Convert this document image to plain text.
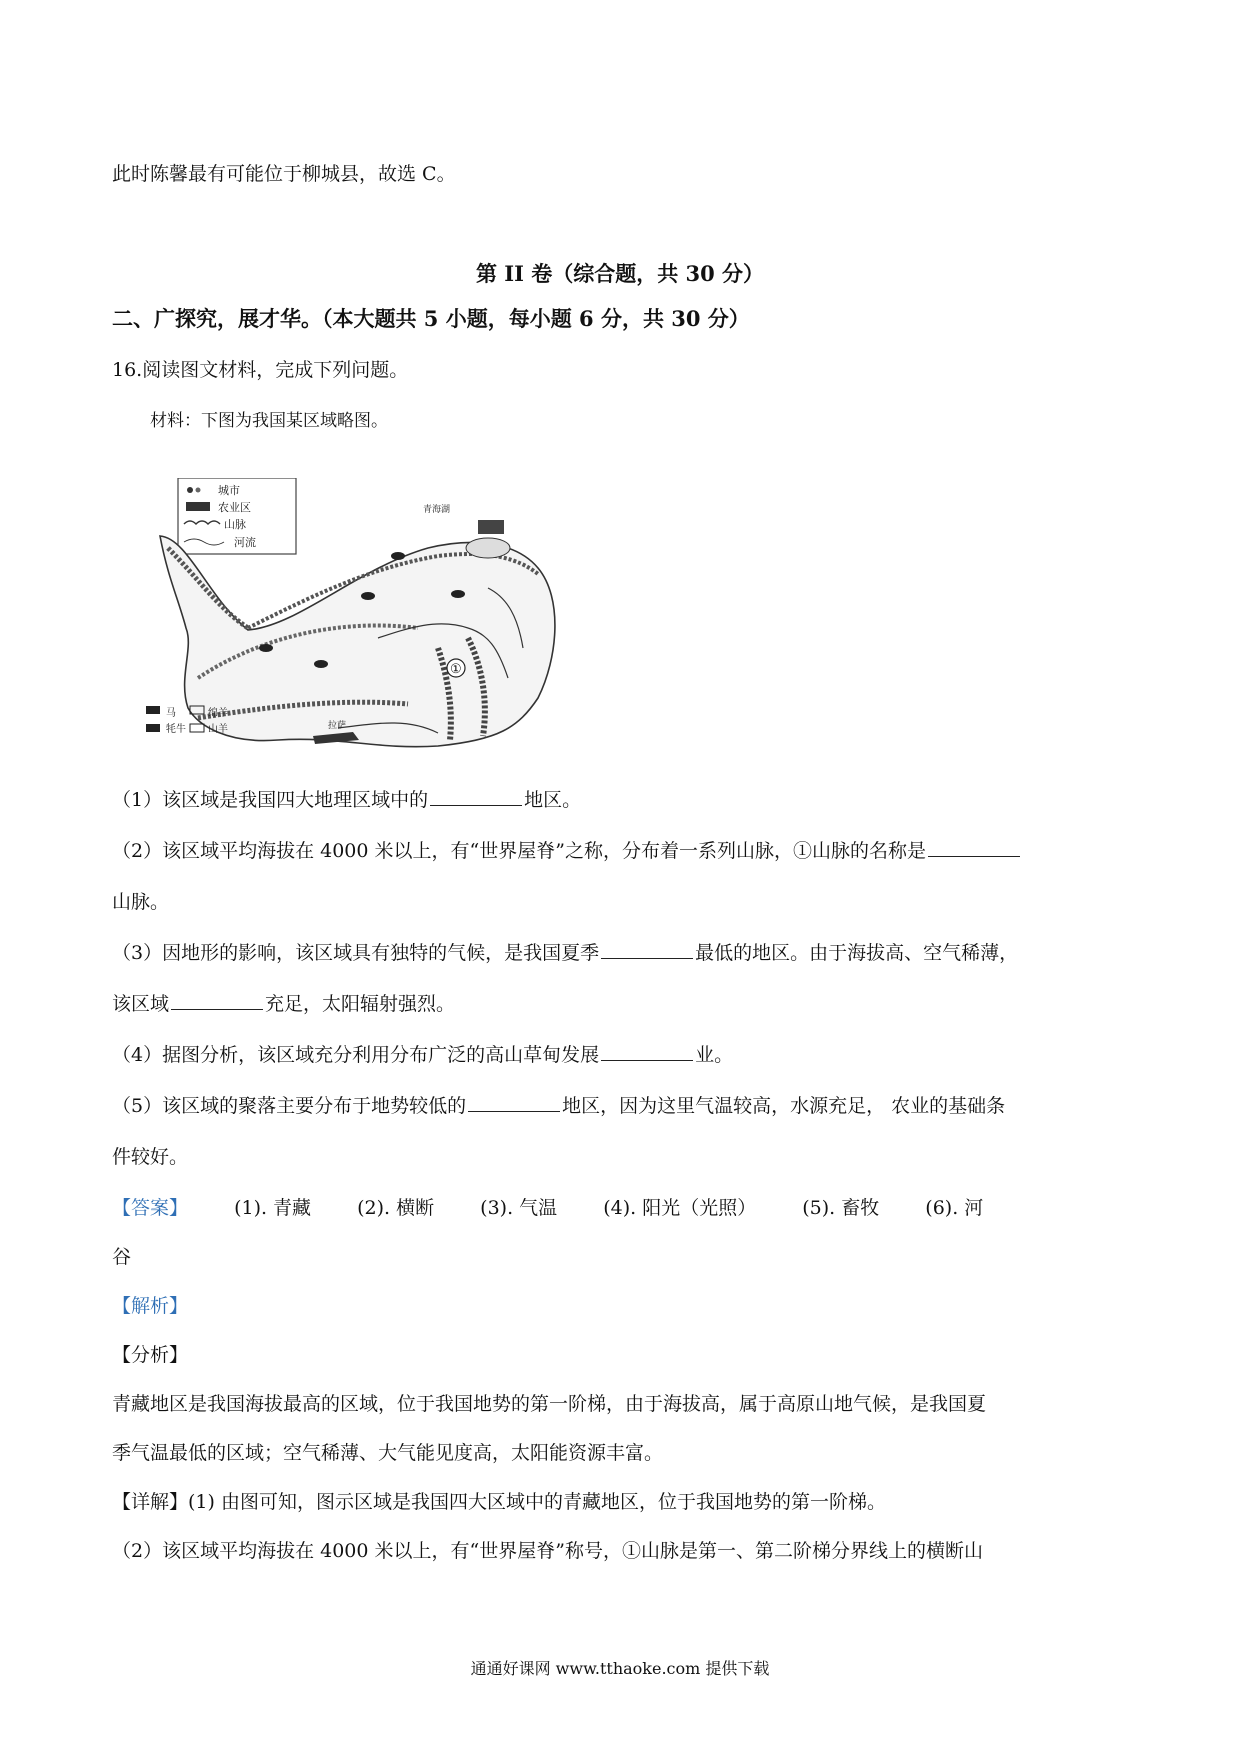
此时陈馨最有可能位于柳城县，故选 C。
第 II 卷（综合题，共 30 分）
二、广探究，展才华。（本大题共 5 小题，每小题 6 分，共 30 分）
16.阅读图文材料，完成下列问题。
材料：下图为我国某区域略图。
城市
农业区
山脉
河流
青海湖
拉萨
①
马	绵羊
牦牛 山羊
（1）该区域是我国四大地理区域中的	地区。
（2）该区域平均海拔在 4000 米以上，有“世界屋脊”之称，分布着一系列山脉，①山脉的名称是
山脉。
（3）因地形的影响，该区域具有独特的气候，是我国夏季	最低的地区。由于海拔高、空气稀薄，
该区域	充足，太阳辐射强烈。
（4）据图分析，该区域充分利用分布广泛的高山草甸发展	业。
（5）该区域的聚落主要分布于地势较低的	地区，因为这里气温较高，水源充足， 农业的基础条
件较好。
【答案】 (1). 青藏 (2). 横断 (3). 气温 (4). 阳光（光照） (5). 畜牧 (6). 河
谷
【解析】
【分析】
青藏地区是我国海拔最高的区域，位于我国地势的第一阶梯，由于海拔高，属于高原山地气候，是我国夏
季气温最低的区域；空气稀薄、大气能见度高，太阳能资源丰富。
【详解】(1) 由图可知，图示区域是我国四大区域中的青藏地区，位于我国地势的第一阶梯。
（2）该区域平均海拔在 4000 米以上，有“世界屋脊”称号，①山脉是第一、第二阶梯分界线上的横断山
通通好课网 www.tthaoke.com 提供下载
